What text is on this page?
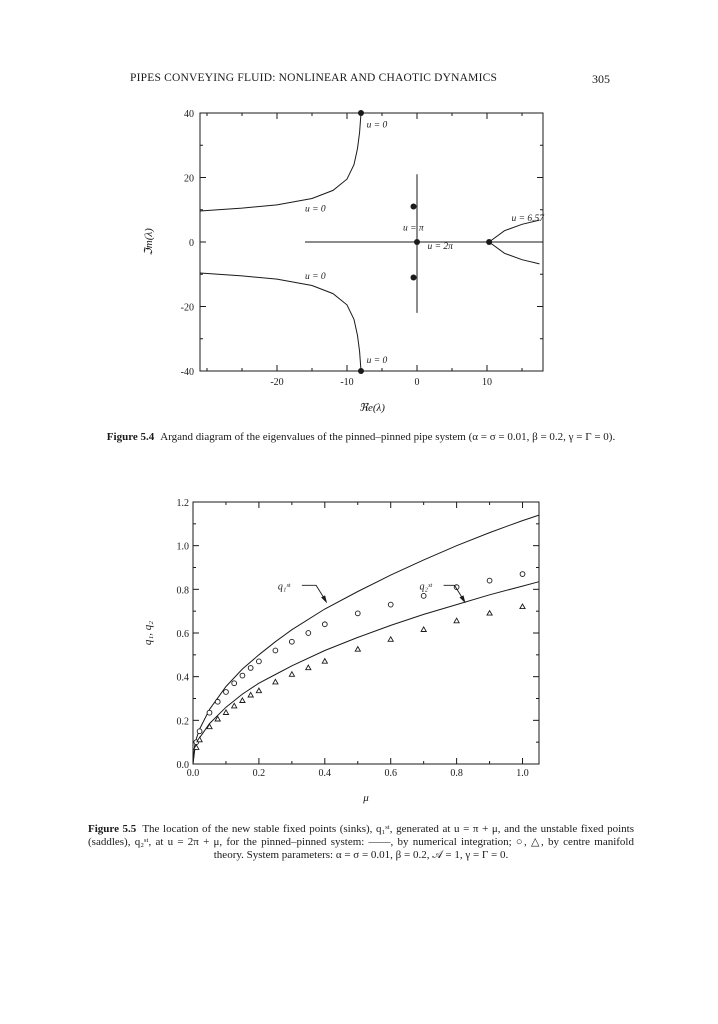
PIPES CONVEYING FLUID: NONLINEAR AND CHAOTIC DYNAMICS	305
-20	-10	0	10
40
20
0
-20
-40
u = 0
u = 0
u = 6.57
u = π
u = 2π
u = 0
u = 0
ℜe(λ)
ℑm(λ)
Figure 5.4 Argand diagram of the eigenvalues of the pinned–pinned pipe system (α = σ = 0.01, β = 0.2, γ = Γ = 0).
0.0	0.2	0.4	0.6	0.8	1.0
1.2
1.0
0.8
0.6
0.4
0.2
0.0
q₁ˢᵗ	q₂ˢᵗ
μ
q₁, q₂
Figure 5.5 The location of the new stable fixed points (sinks), q₁ˢᵗ, generated at u = π + μ, and the unstable fixed points (saddles), q₂ˢᵗ, at u = 2π + μ, for the pinned–pinned system: ——, by numerical integration; ○, △, by centre manifold theory. System parameters: α = σ = 0.01, β = 0.2, 𝒜 = 1, γ = Γ = 0.
